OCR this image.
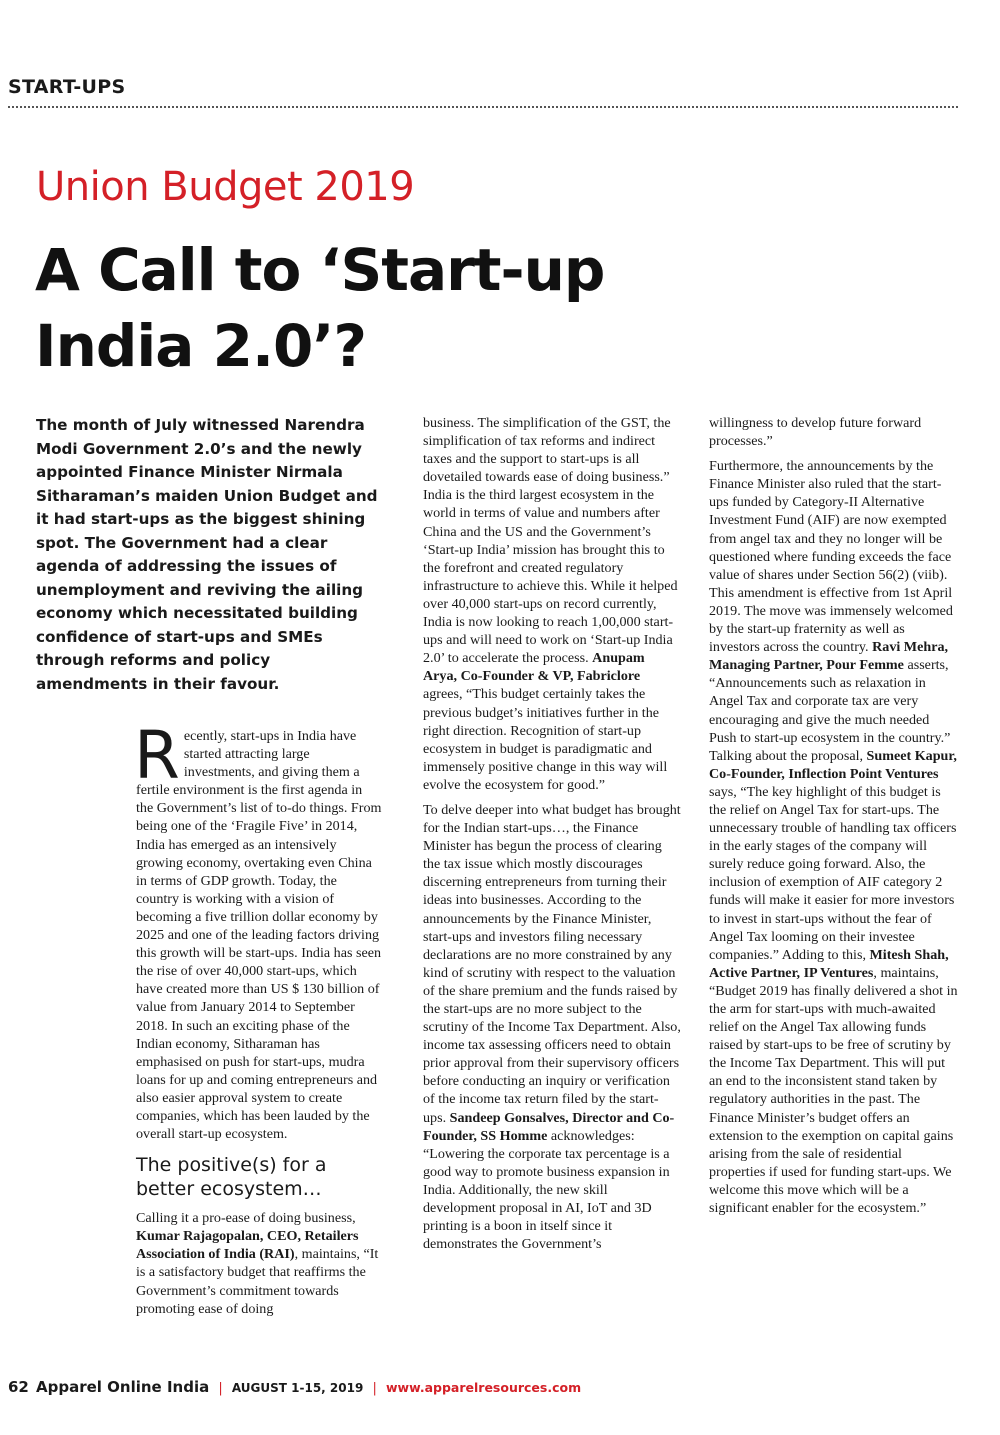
START-UPS
Union Budget 2019
A Call to ‘Start-up
India 2.0’?

The month of July witnessed Narendra Modi Government 2.0’s and the newly appointed Finance Minister Nirmala Sitharaman’s maiden Union Budget and it had start-ups as the biggest shining spot. The Government had a clear agenda of addressing the issues of unemployment and reviving the ailing economy which necessitated building confidence of start-ups and SMEs through reforms and policy amendments in their favour.

Recently, start-ups in India have started attracting large investments, and giving them a fertile environment is the first agenda in the Government’s list of to-do things. From being one of the ‘Fragile Five’ in 2014, India has emerged as an intensively growing economy, overtaking even China in terms of GDP growth. Today, the country is working with a vision of becoming a five trillion dollar economy by 2025 and one of the leading factors driving this growth will be start-ups. India has seen the rise of over 40,000 start-ups, which have created more than US $ 130 billion of value from January 2014 to September 2018. In such an exciting phase of the Indian economy, Sitharaman has emphasised on push for start-ups, mudra loans for up and coming entrepreneurs and also easier approval system to create companies, which has been lauded by the overall start-up ecosystem.

The positive(s) for a better ecosystem…

Calling it a pro-ease of doing business, Kumar Rajagopalan, CEO, Retailers Association of India (RAI), maintains, “It is a satisfactory budget that reaffirms the Government’s commitment towards promoting ease of doing

business. The simplification of the GST, the simplification of tax reforms and indirect taxes and the support to start-ups is all dovetailed towards ease of doing business.” India is the third largest ecosystem in the world in terms of value and numbers after China and the US and the Government’s ‘Start-up India’ mission has brought this to the forefront and created regulatory infrastructure to achieve this. While it helped over 40,000 start-ups on record currently, India is now looking to reach 1,00,000 start-ups and will need to work on ‘Start-up India 2.0’ to accelerate the process. Anupam Arya, Co-Founder & VP, Fabriclore agrees, “This budget certainly takes the previous budget’s initiatives further in the right direction. Recognition of start-up ecosystem in budget is paradigmatic and immensely positive change in this way will evolve the ecosystem for good.”

To delve deeper into what budget has brought for the Indian start-ups…, the Finance Minister has begun the process of clearing the tax issue which mostly discourages discerning entrepreneurs from turning their ideas into businesses. According to the announcements by the Finance Minister, start-ups and investors filing necessary declarations are no more constrained by any kind of scrutiny with respect to the valuation of the share premium and the funds raised by the start-ups are no more subject to the scrutiny of the Income Tax Department. Also, income tax assessing officers need to obtain prior approval from their supervisory officers before conducting an inquiry or verification of the income tax return filed by the start-ups. Sandeep Gonsalves, Director and Co-Founder, SS Homme acknowledges: “Lowering the corporate tax percentage is a good way to promote business expansion in India. Additionally, the new skill development proposal in AI, IoT and 3D printing is a boon in itself since it demonstrates the Government’s

willingness to develop future forward processes.”

Furthermore, the announcements by the Finance Minister also ruled that the start-ups funded by Category-II Alternative Investment Fund (AIF) are now exempted from angel tax and they no longer will be questioned where funding exceeds the face value of shares under Section 56(2) (viib). This amendment is effective from 1st April 2019. The move was immensely welcomed by the start-up fraternity as well as investors across the country. Ravi Mehra, Managing Partner, Pour Femme asserts, “Announcements such as relaxation in Angel Tax and corporate tax are very encouraging and give the much needed Push to start-up ecosystem in the country.” Talking about the proposal, Sumeet Kapur, Co-Founder, Inflection Point Ventures says, “The key highlight of this budget is the relief on Angel Tax for start-ups. The unnecessary trouble of handling tax officers in the early stages of the company will surely reduce going forward. Also, the inclusion of exemption of AIF category 2 funds will make it easier for more investors to invest in start-ups without the fear of Angel Tax looming on their investee companies.” Adding to this, Mitesh Shah, Active Partner, IP Ventures, maintains, “Budget 2019 has finally delivered a shot in the arm for start-ups with much-awaited relief on the Angel Tax allowing funds raised by start-ups to be free of scrutiny by the Income Tax Department. This will put an end to the inconsistent stand taken by regulatory authorities in the past. The Finance Minister’s budget offers an extension to the exemption on capital gains arising from the sale of residential properties if used for funding start-ups. We welcome this move which will be a significant enabler for the ecosystem.”

62 Apparel Online India | AUGUST 1-15, 2019 | www.apparelresources.com
